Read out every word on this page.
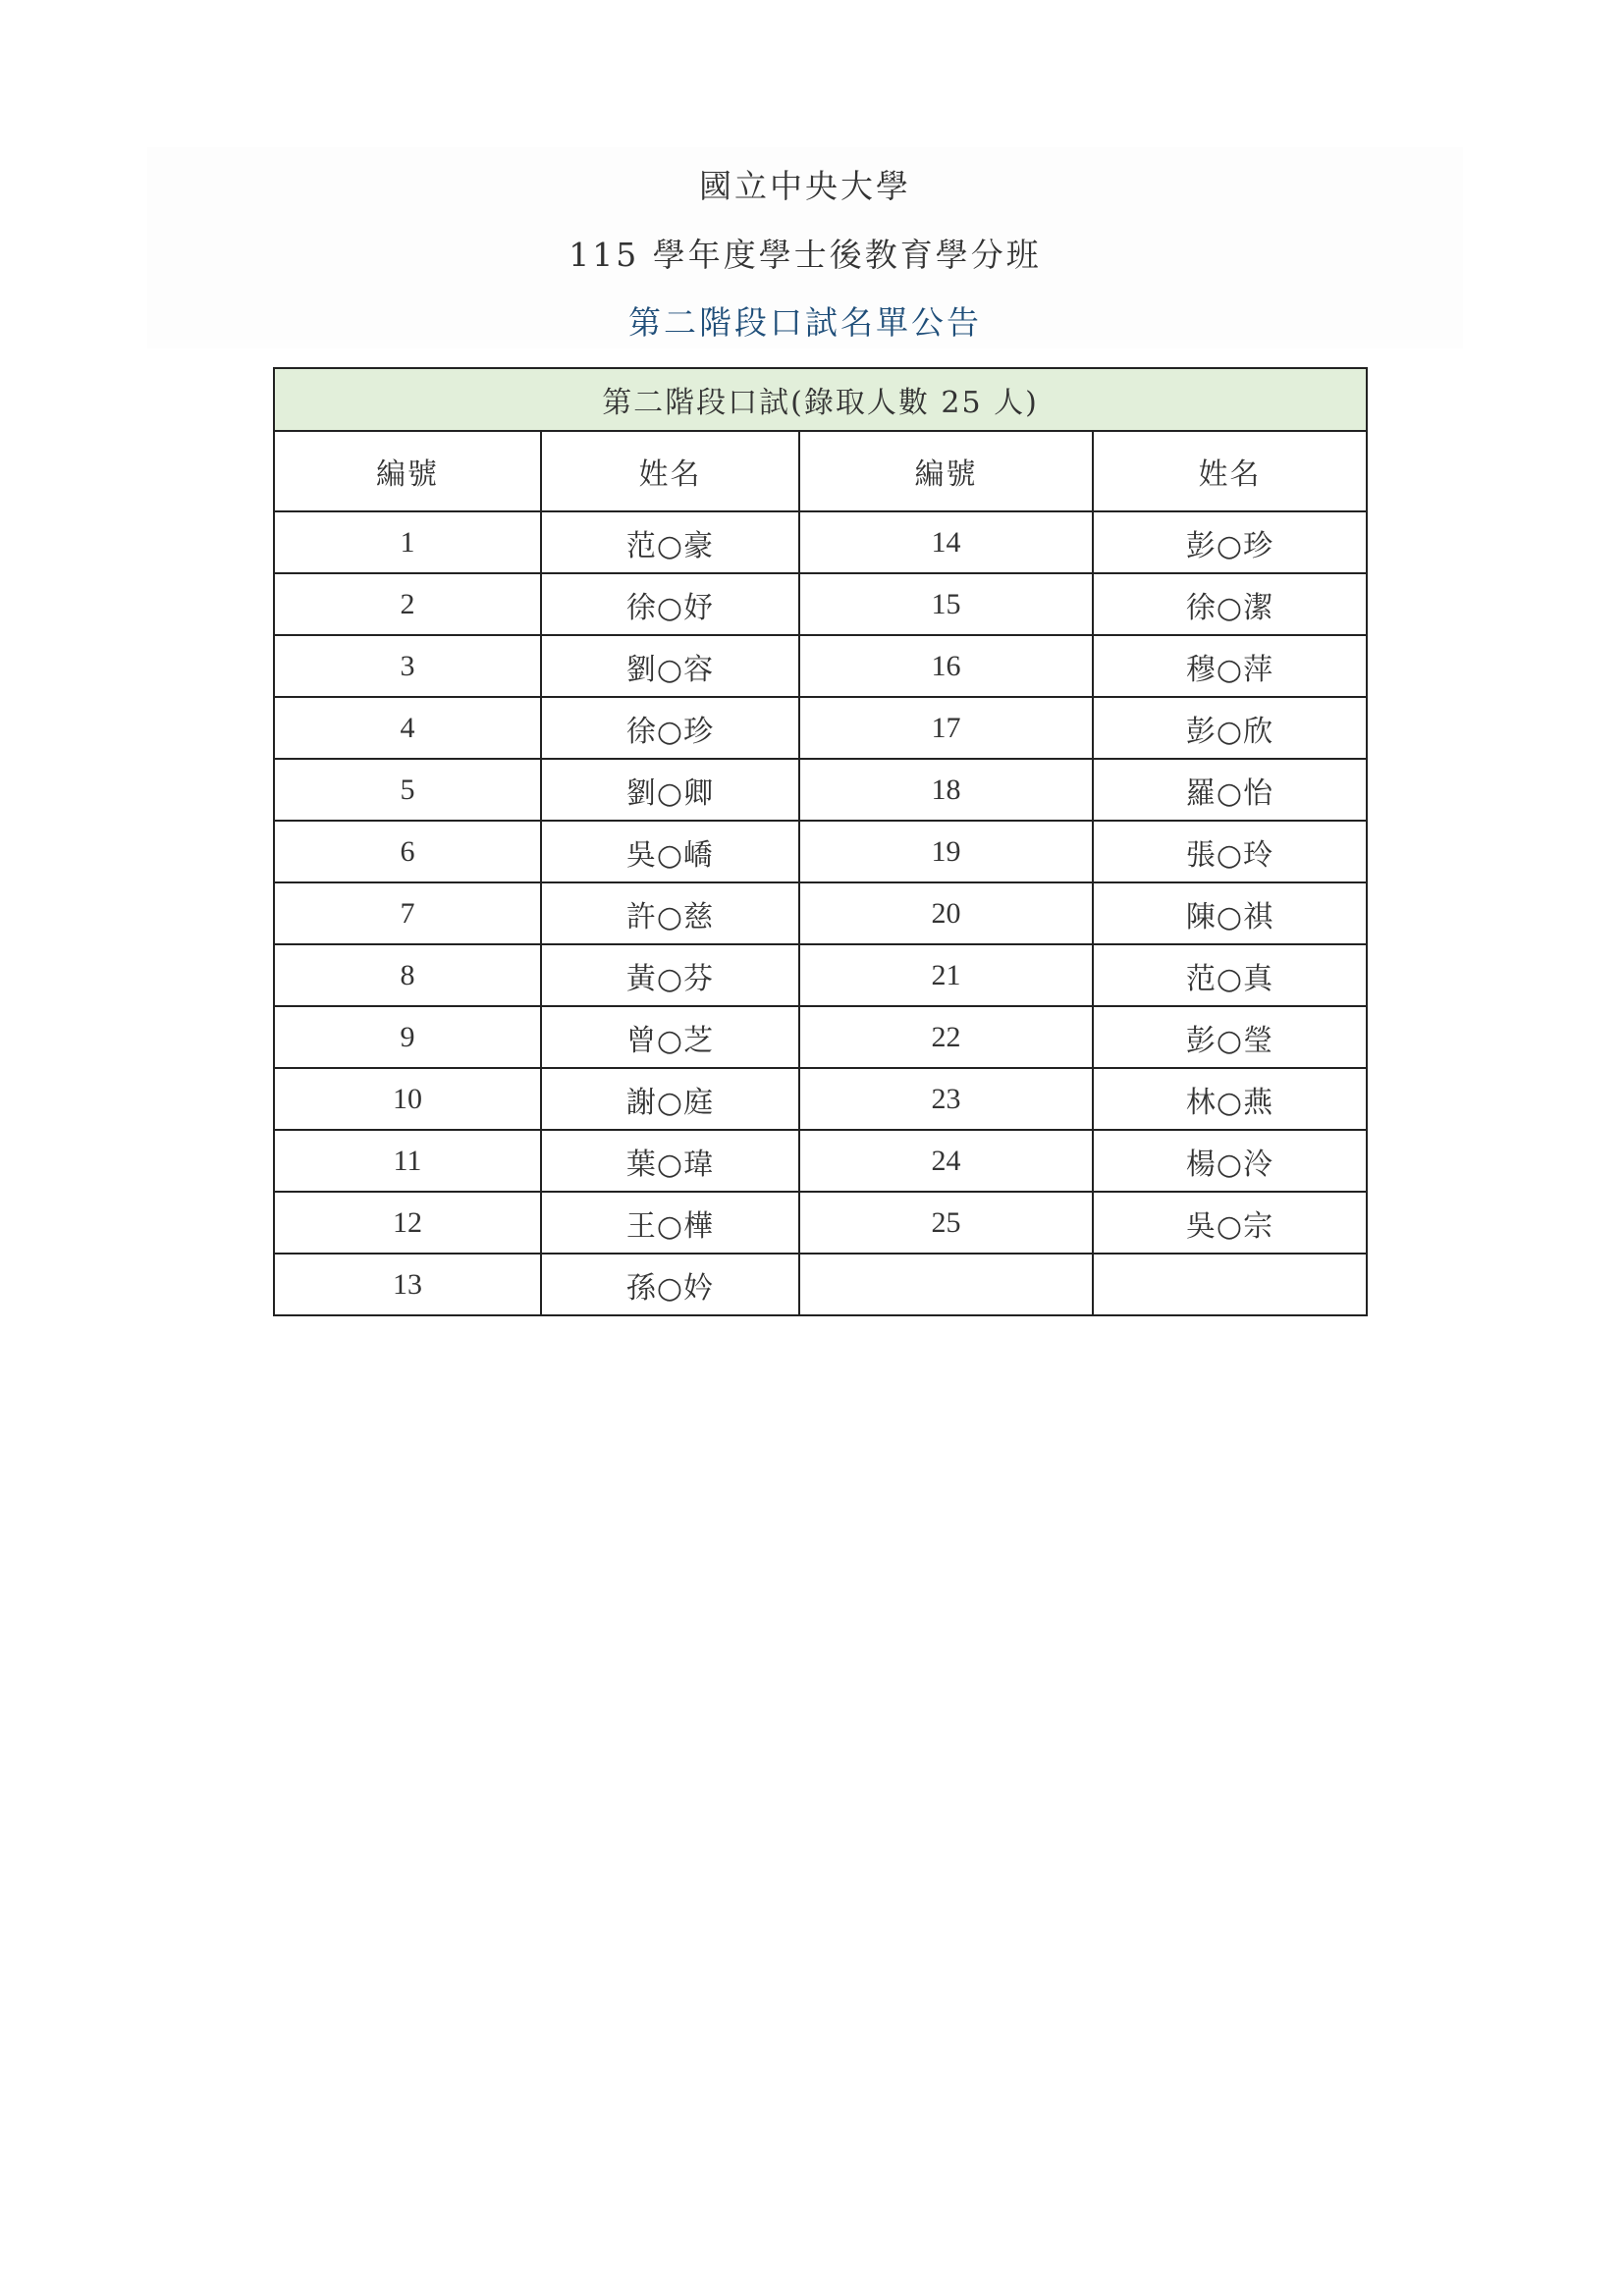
國立中央大學
115 學年度學士後教育學分班
第二階段口試名單公告
第二階段口試(錄取人數 25 人)			
編號	姓名	編號	姓名
1	范○豪	14	彭○珍
2	徐○妤	15	徐○潔
3	劉○容	16	穆○萍
4	徐○珍	17	彭○欣
5	劉○卿	18	羅○怡
6	吳○嶠	19	張○玲
7	許○慈	20	陳○祺
8	黃○芬	21	范○真
9	曾○芝	22	彭○瑩
10	謝○庭	23	林○燕
11	葉○瑋	24	楊○泠
12	王○樺	25	吳○宗
13	孫○妗		
